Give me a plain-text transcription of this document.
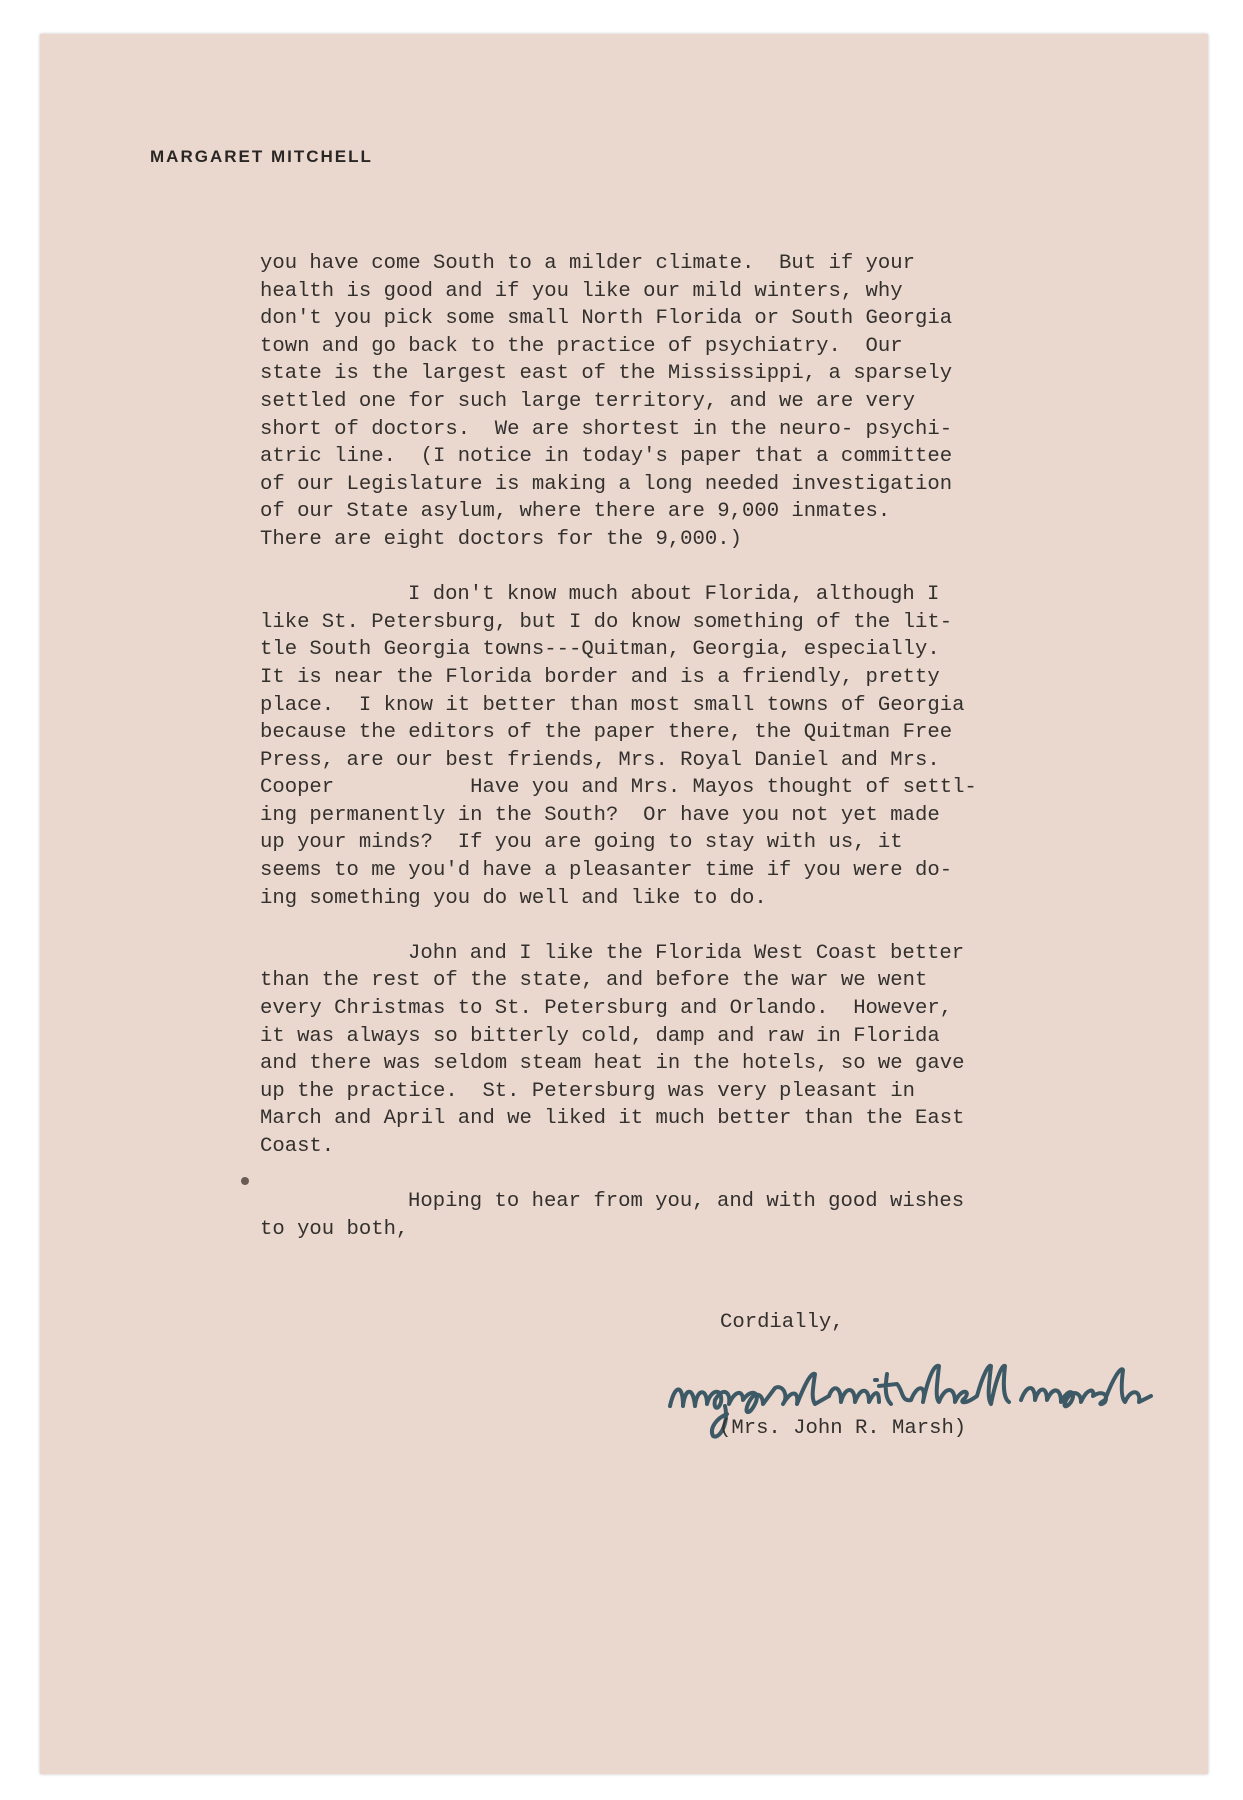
MARGARET MITCHELL
you have come South to a milder climate.  But if your
health is good and if you like our mild winters, why
don't you pick some small North Florida or South Georgia
town and go back to the practice of psychiatry.  Our
state is the largest east of the Mississippi, a sparsely
settled one for such large territory, and we are very
short of doctors.  We are shortest in the neuro- psychi-
atric line.  (I notice in today's paper that a committee
of our Legislature is making a long needed investigation
of our State asylum, where there are 9,000 inmates.
There are eight doctors for the 9,000.)
I don't know much about Florida, although I
like St. Petersburg, but I do know something of the lit-
tle South Georgia towns---Quitman, Georgia, especially.
It is near the Florida border and is a friendly, pretty
place.  I know it better than most small towns of Georgia
because the editors of the paper there, the Quitman Free
Press, are our best friends, Mrs. Royal Daniel and Mrs.
Cooper           Have you and Mrs. Mayos thought of settl-
ing permanently in the South?  Or have you not yet made
up your minds?  If you are going to stay with us, it
seems to me you'd have a pleasanter time if you were do-
ing something you do well and like to do.
John and I like the Florida West Coast better
than the rest of the state, and before the war we went
every Christmas to St. Petersburg and Orlando.  However,
it was always so bitterly cold, damp and raw in Florida
and there was seldom steam heat in the hotels, so we gave
up the practice.  St. Petersburg was very pleasant in
March and April and we liked it much better than the East
Coast.
Hoping to hear from you, and with good wishes
to you both,
Cordially,
(Mrs. John R. Marsh)
